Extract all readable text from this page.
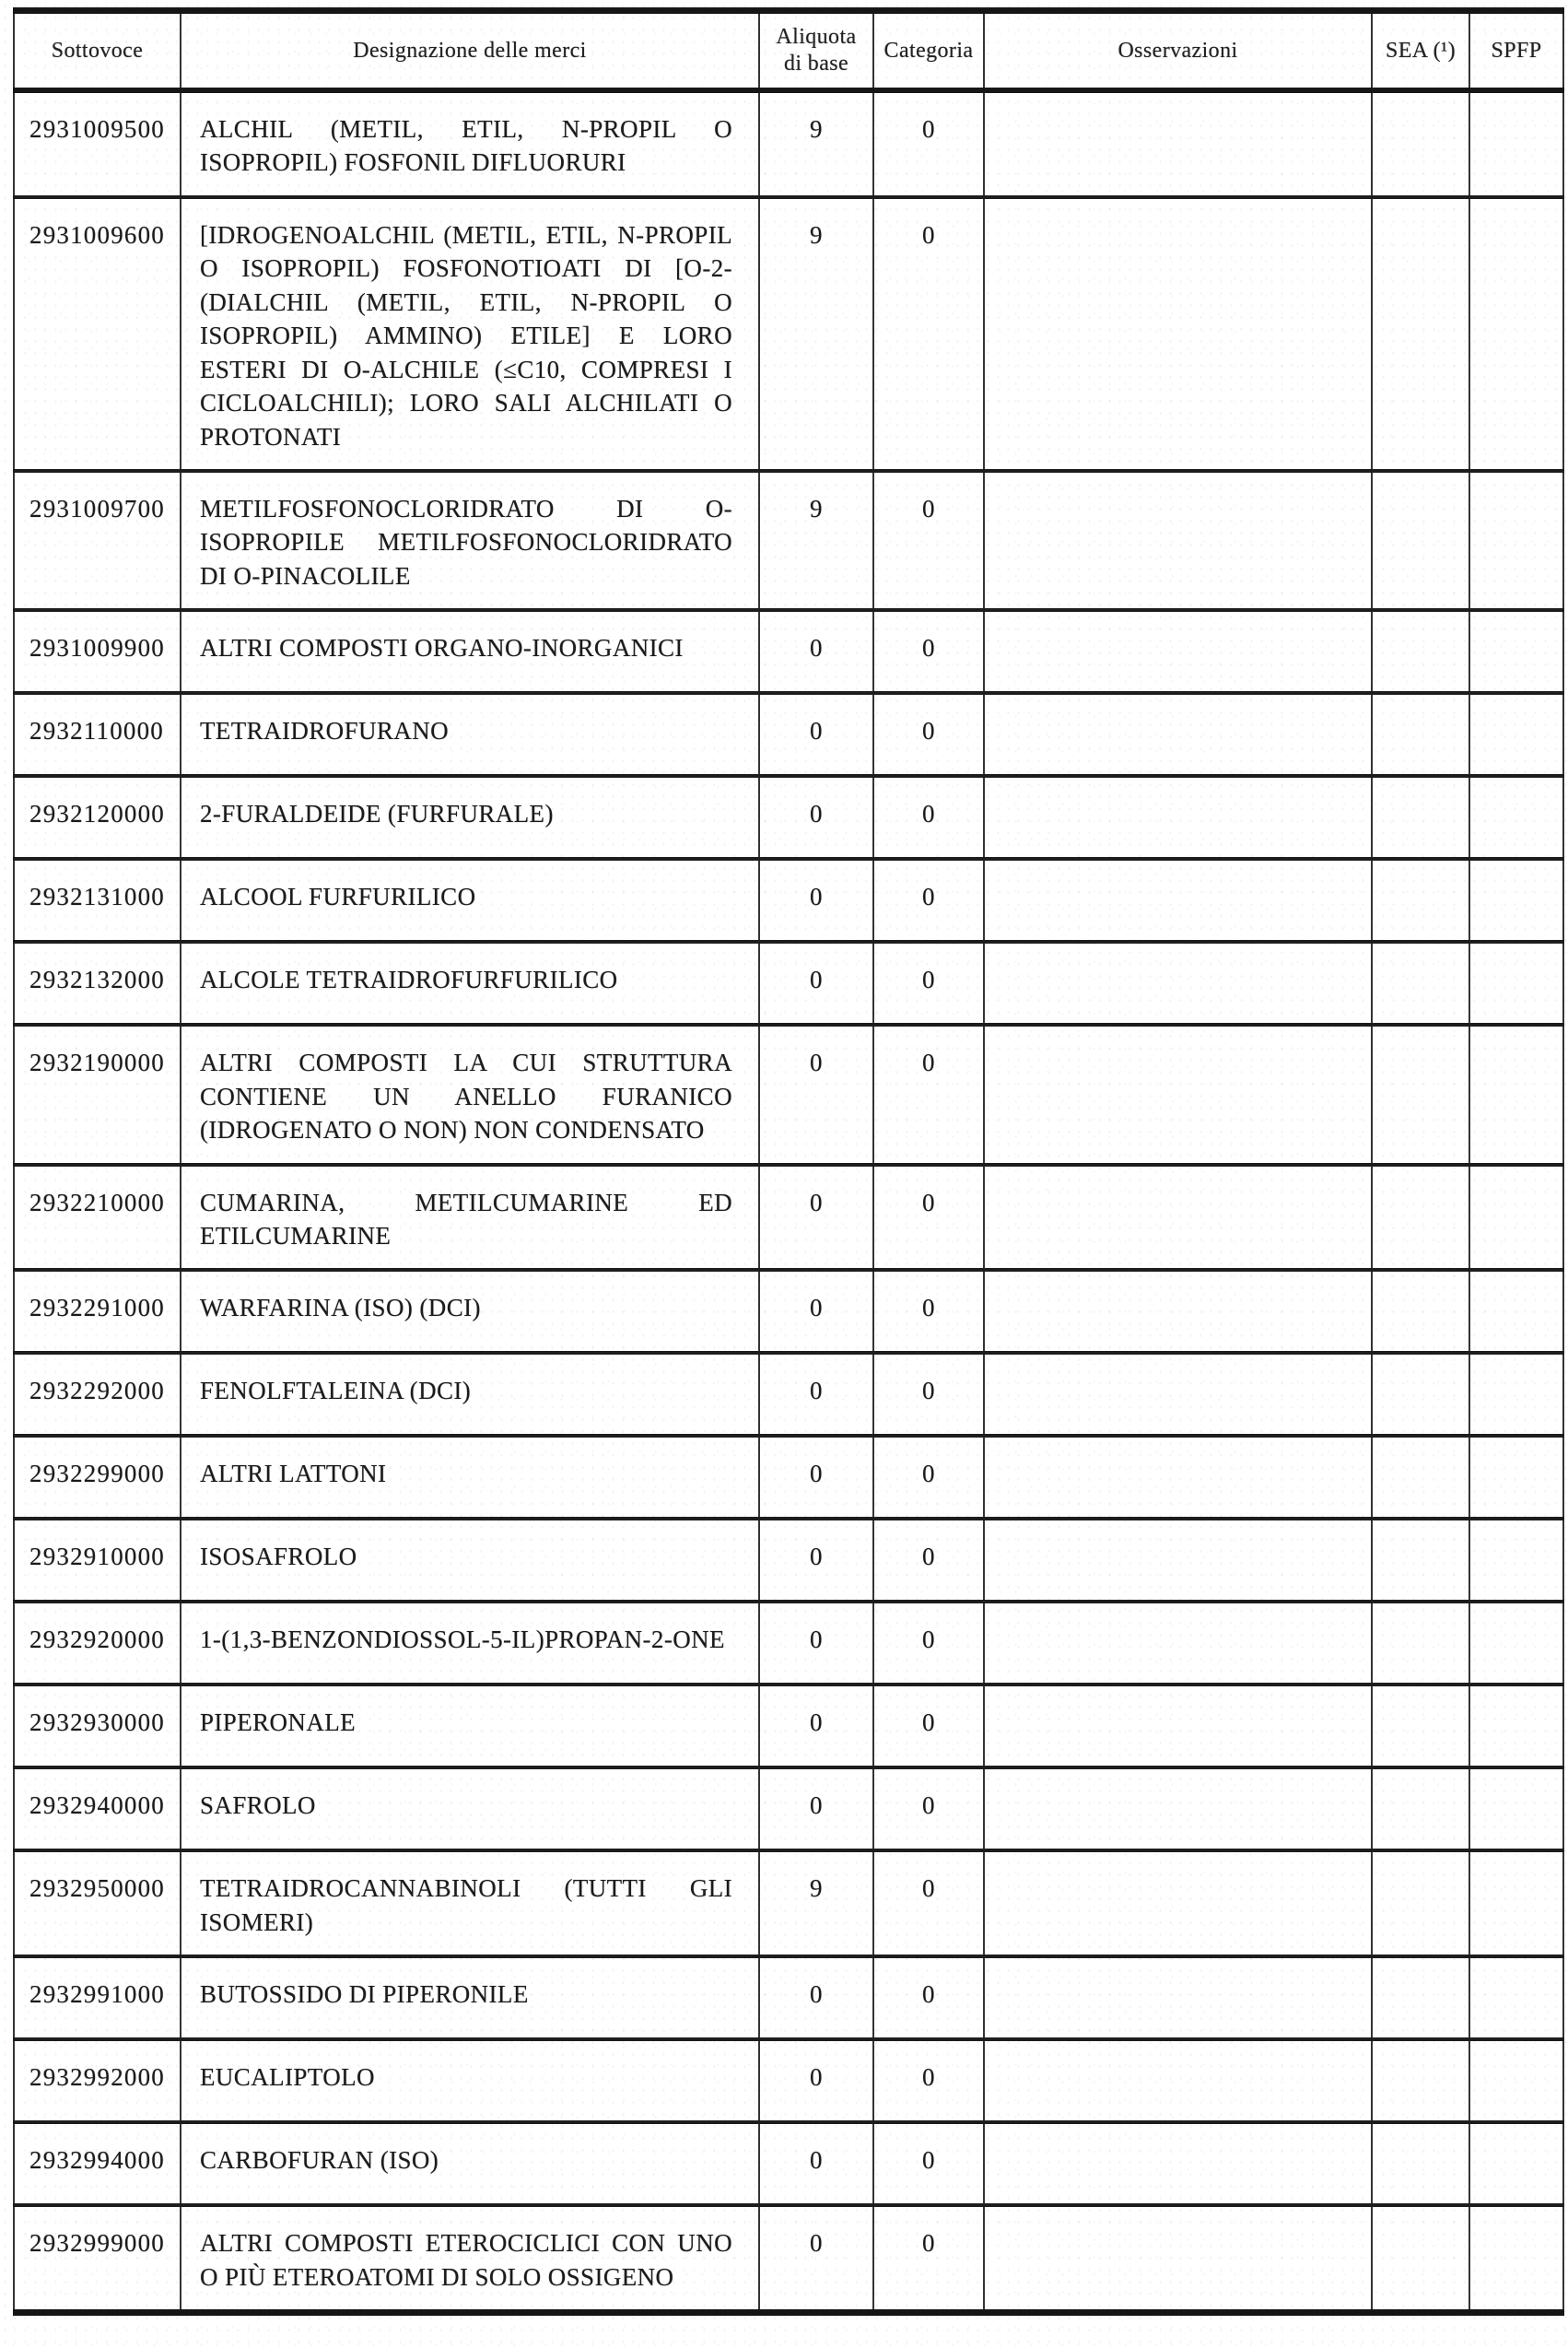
Sottovoce	Designazione delle merci	Aliquota di base	Categoria	Osservazioni	SEA (¹)	SPFP
2931009500	ALCHIL (METIL, ETIL, N-PROPIL O ISOPROPIL) FOSFONIL DIFLUORURI	9	0			
2931009600	[IDROGENOALCHIL (METIL, ETIL, N-PROPIL O ISOPROPIL) FOSFONOTIOATI DI [O-2-(DIALCHIL (METIL, ETIL, N-PROPIL O ISOPROPIL) AMMINO) ETILE] E LORO ESTERI DI O-ALCHILE (≤C10, COMPRESI I CICLOALCHILI); LORO SALI ALCHILATI O PROTONATI	9	0			
2931009700	METILFOSFONOCLORIDRATO DI O-ISOPROPILE METILFOSFONOCLORIDRATO DI O-PINACOLILE	9	0			
2931009900	ALTRI COMPOSTI ORGANO-INORGANICI	0	0			
2932110000	TETRAIDROFURANO	0	0			
2932120000	2-FURALDEIDE (FURFURALE)	0	0			
2932131000	ALCOOL FURFURILICO	0	0			
2932132000	ALCOLE TETRAIDROFURFURILICO	0	0			
2932190000	ALTRI COMPOSTI LA CUI STRUTTURA CONTIENE UN ANELLO FURANICO (IDROGENATO O NON) NON CONDENSATO	0	0			
2932210000	CUMARINA, METILCUMARINE ED ETILCUMARINE	0	0			
2932291000	WARFARINA (ISO) (DCI)	0	0			
2932292000	FENOLFTALEINA (DCI)	0	0			
2932299000	ALTRI LATTONI	0	0			
2932910000	ISOSAFROLO	0	0			
2932920000	1-(1,3-BENZONDIOSSOL-5-IL)PROPAN-2-ONE	0	0			
2932930000	PIPERONALE	0	0			
2932940000	SAFROLO	0	0			
2932950000	TETRAIDROCANNABINOLI (TUTTI GLI ISOMERI)	9	0			
2932991000	BUTOSSIDO DI PIPERONILE	0	0			
2932992000	EUCALIPTOLO	0	0			
2932994000	CARBOFURAN (ISO)	0	0			
2932999000	ALTRI COMPOSTI ETEROCICLICI CON UNO O PIÙ ETEROATOMI DI SOLO OSSIGENO	0	0			
